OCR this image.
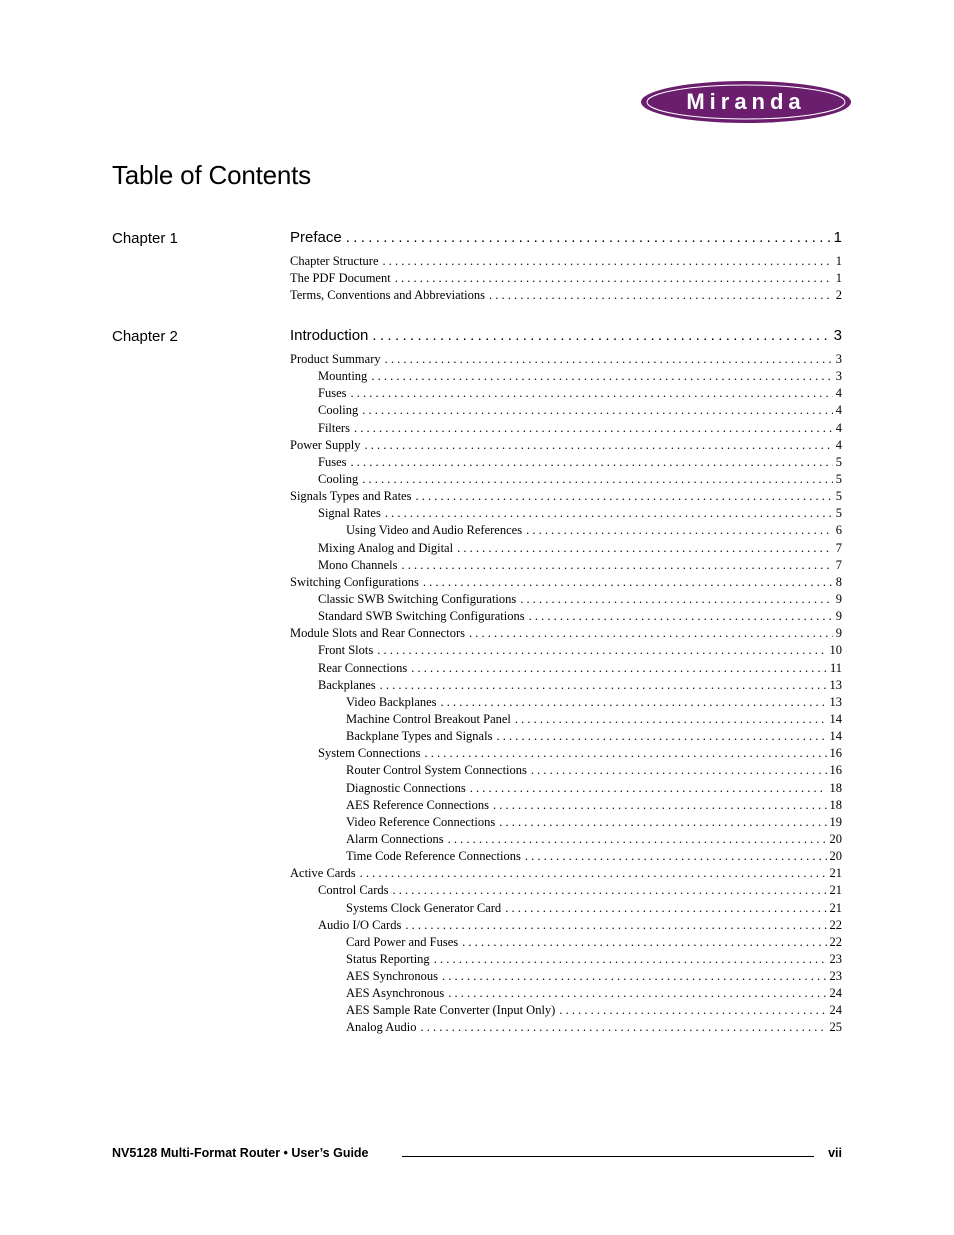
Miranda
Table of Contents
Chapter 1	Preface .....	1
Chapter Structure . . .	1
The PDF Document . . .	1
Terms, Conventions and Abbreviations . . .	2
Chapter 2	Introduction .....	3
Product Summary . . .	3
Mounting . . .	3
Fuses . . .	4
Cooling . . .	4
Filters . . .	4
Power Supply . . .	4
Fuses . . .	5
Cooling . . .	5
Signals Types and Rates . . .	5
Signal Rates . . .	5
Using Video and Audio References . . .	6
Mixing Analog and Digital . . .	7
Mono Channels . . .	7
Switching Configurations . . .	8
Classic SWB Switching Configurations . . .	9
Standard SWB Switching Configurations . . .	9
Module Slots and Rear Connectors . . .	9
Front Slots . . .	10
Rear Connections . . .	11
Backplanes . . .	13
Video Backplanes . . .	13
Machine Control Breakout Panel . . .	14
Backplane Types and Signals . . .	14
System Connections . . .	16
Router Control System Connections . . .	16
Diagnostic Connections . . .	18
AES Reference Connections . . .	18
Video Reference Connections . . .	19
Alarm Connections . . .	20
Time Code Reference Connections . . .	20
Active Cards . . .	21
Control Cards . . .	21
Systems Clock Generator Card . . .	21
Audio I/O Cards . . .	22
Card Power and Fuses . . .	22
Status Reporting . . .	23
AES Synchronous . . .	23
AES Asynchronous . . .	24
AES Sample Rate Converter (Input Only) . . .	24
Analog Audio . . .	25
NV5128 Multi-Format Router • User’s Guide	vii
